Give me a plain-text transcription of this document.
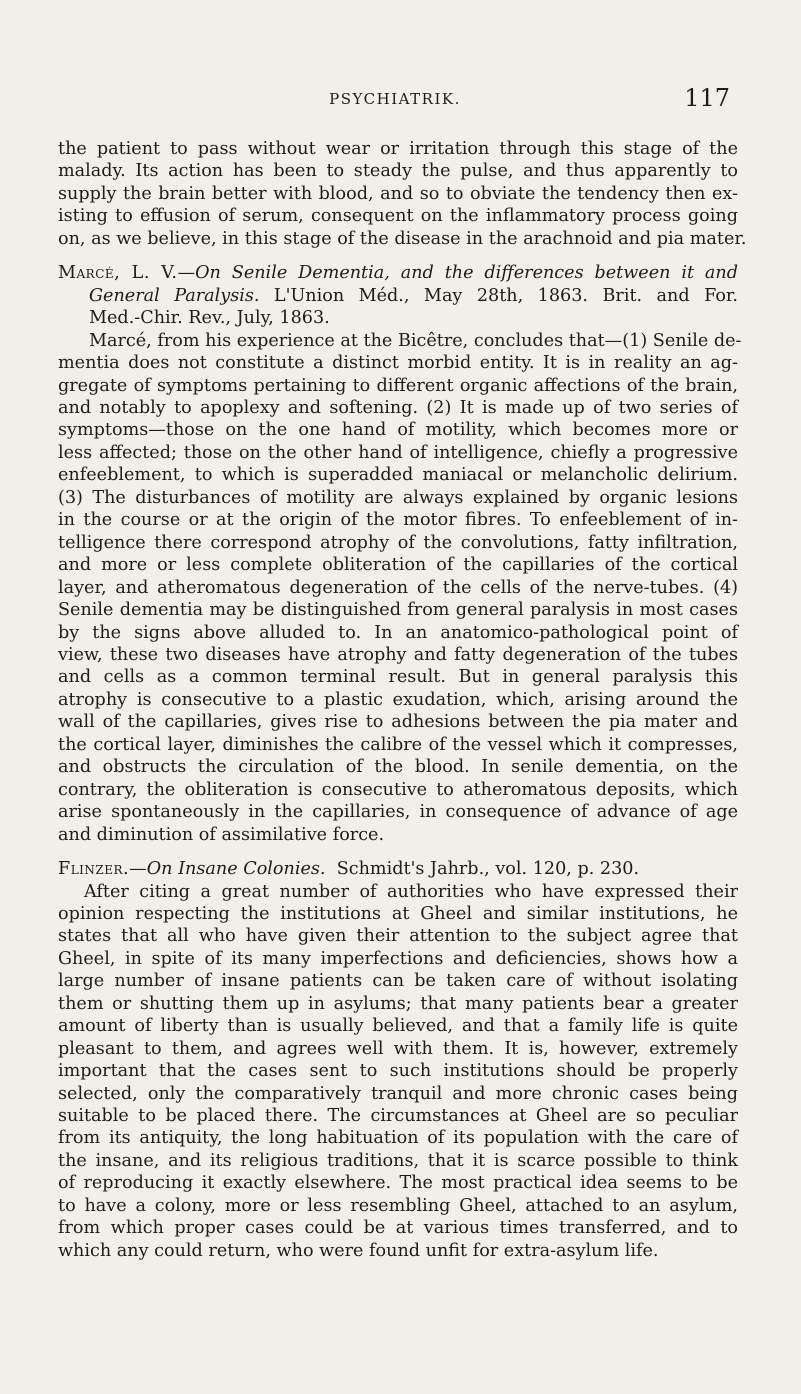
PSYCHIATRIK.	117
the patient to pass without wear or irritation through this stage of the
malady. Its action has been to steady the pulse, and thus apparently to
supply the brain better with blood, and so to obviate the tendency then ex-
isting to effusion of serum, consequent on the inflammatory process going
on, as we believe, in this stage of the disease in the arachnoid and pia mater.
Marcé, L. V.—On Senile Dementia, and the differences between it and
General Paralysis. L'Union Méd., May 28th, 1863. Brit. and For.
Med.-Chir. Rev., July, 1863.
Marcé, from his experience at the Bicêtre, concludes that—(1) Senile de-
mentia does not constitute a distinct morbid entity. It is in reality an ag-
gregate of symptoms pertaining to different organic affections of the brain,
and notably to apoplexy and softening. (2) It is made up of two series of
symptoms—those on the one hand of motility, which becomes more or
less affected; those on the other hand of intelligence, chiefly a progressive
enfeeblement, to which is superadded maniacal or melancholic delirium.
(3) The disturbances of motility are always explained by organic lesions
in the course or at the origin of the motor fibres. To enfeeblement of in-
telligence there correspond atrophy of the convolutions, fatty infiltration,
and more or less complete obliteration of the capillaries of the cortical
layer, and atheromatous degeneration of the cells of the nerve-tubes. (4)
Senile dementia may be distinguished from general paralysis in most cases
by the signs above alluded to. In an anatomico-pathological point of
view, these two diseases have atrophy and fatty degeneration of the tubes
and cells as a common terminal result. But in general paralysis this
atrophy is consecutive to a plastic exudation, which, arising around the
wall of the capillaries, gives rise to adhesions between the pia mater and
the cortical layer, diminishes the calibre of the vessel which it compresses,
and obstructs the circulation of the blood. In senile dementia, on the
contrary, the obliteration is consecutive to atheromatous deposits, which
arise spontaneously in the capillaries, in consequence of advance of age
and diminution of assimilative force.
Flinzer.—On Insane Colonies. Schmidt's Jahrb., vol. 120, p. 230.
After citing a great number of authorities who have expressed their
opinion respecting the institutions at Gheel and similar institutions, he
states that all who have given their attention to the subject agree that
Gheel, in spite of its many imperfections and deficiencies, shows how a
large number of insane patients can be taken care of without isolating
them or shutting them up in asylums; that many patients bear a greater
amount of liberty than is usually believed, and that a family life is quite
pleasant to them, and agrees well with them. It is, however, extremely
important that the cases sent to such institutions should be properly
selected, only the comparatively tranquil and more chronic cases being
suitable to be placed there. The circumstances at Gheel are so peculiar
from its antiquity, the long habituation of its population with the care of
the insane, and its religious traditions, that it is scarce possible to think
of reproducing it exactly elsewhere. The most practical idea seems to be
to have a colony, more or less resembling Gheel, attached to an asylum,
from which proper cases could be at various times transferred, and to
which any could return, who were found unfit for extra-asylum life.
